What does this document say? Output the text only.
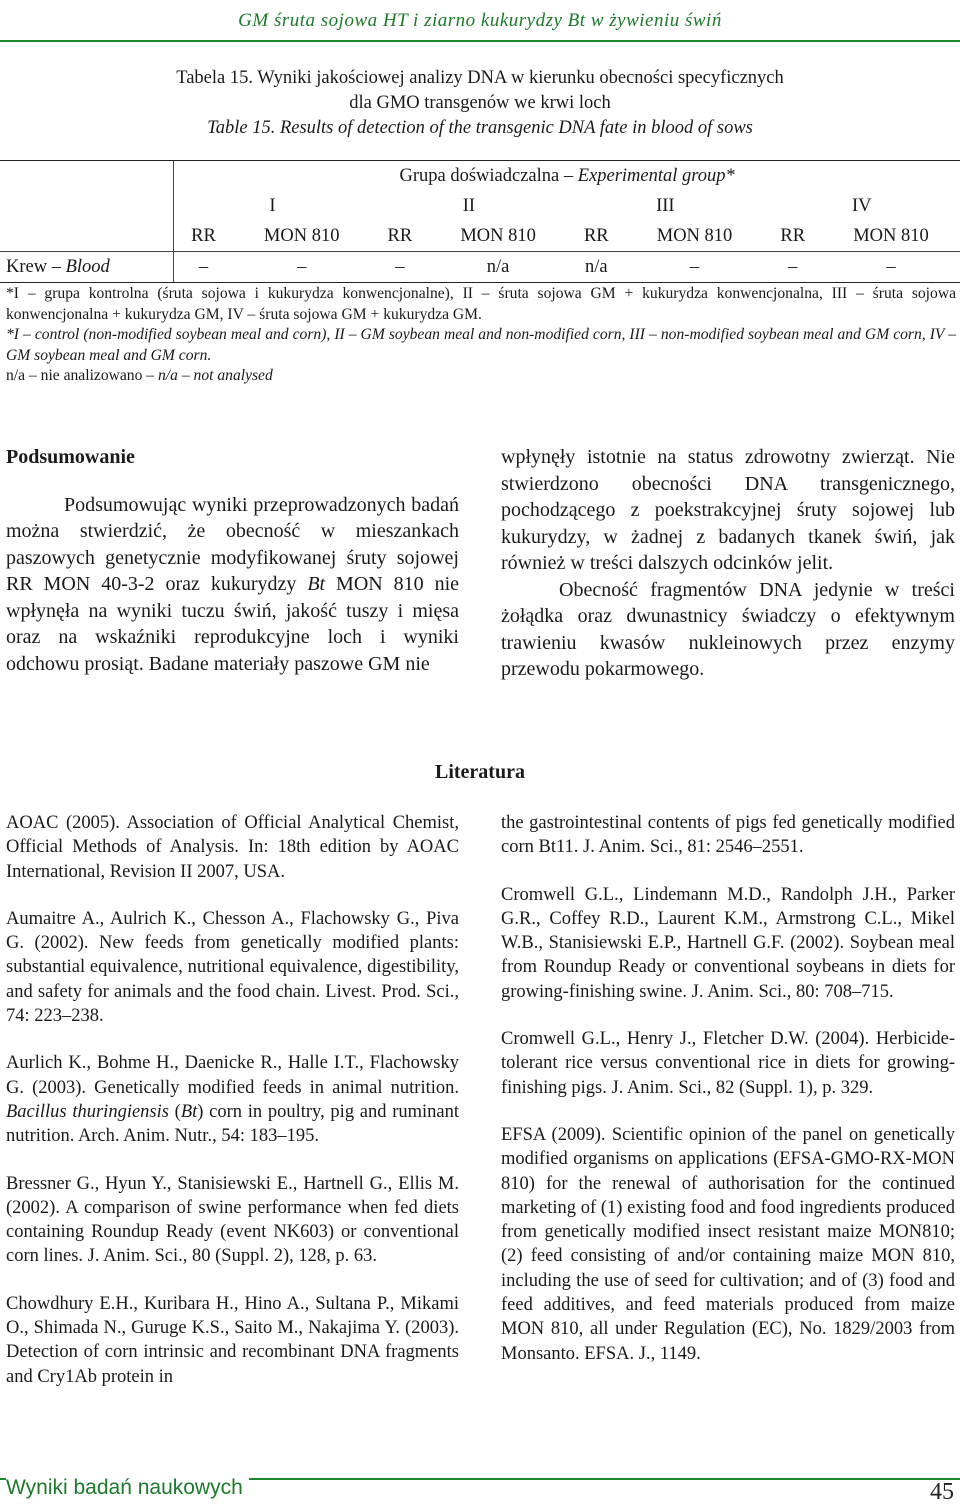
GM śruta sojowa HT i ziarno kukurydzy Bt w żywieniu świń
Tabela 15. Wyniki jakościowej analizy DNA w kierunku obecności specyficznych
dla GMO transgenów we krwi loch
Table 15. Results of detection of the transgenic DNA fate in blood of sows
	Grupa doświadczalna – Experimental group*							
	I		II		III		IV	
	RR	MON 810	RR	MON 810	RR	MON 810	RR	MON 810
Krew – Blood	–	–	–	n/a	n/a	–	–	–

*I – grupa kontrolna (śruta sojowa i kukurydza konwencjonalne), II – śruta sojowa GM + kukurydza konwencjonalna, III – śruta sojowa konwencjonalna + kukurydza GM, IV – śruta sojowa GM + kukurydza GM.

*I – control (non-modified soybean meal and corn), II – GM soybean meal and non-modified corn, III – non-modified soybean meal and GM corn, IV – GM soybean meal and GM corn.

n/a – nie analizowano – n/a – not analysed

Podsumowanie

Podsumowując wyniki przeprowadzonych badań można stwierdzić, że obecność w mieszankach paszowych genetycznie modyfikowanej śruty sojowej RR MON 40-3-2 oraz kukurydzy Bt MON 810 nie wpłynęła na wyniki tuczu świń, jakość tuszy i mięsa oraz na wskaźniki reprodukcyjne loch i wyniki odchowu prosiąt. Badane materiały paszowe GM nie

wpłynęły istotnie na status zdrowotny zwierząt. Nie stwierdzono obecności DNA transgenicznego, pochodzącego z poekstrakcyjnej śruty sojowej lub kukurydzy, w żadnej z badanych tkanek świń, jak również w treści dalszych odcinków jelit.

Obecność fragmentów DNA jedynie w treści żołądka oraz dwunastnicy świadczy o efektywnym trawieniu kwasów nukleinowych przez enzymy przewodu pokarmowego.

Literatura

AOAC (2005). Association of Official Analytical Chemist, Official Methods of Analysis. In: 18th edition by AOAC International, Revision II 2007, USA.

Aumaitre A., Aulrich K., Chesson A., Flachowsky G., Piva G. (2002). New feeds from genetically modified plants: substantial equivalence, nutritional equivalence, digestibility, and safety for animals and the food chain. Livest. Prod. Sci., 74: 223–238.

Aurlich K., Bohme H., Daenicke R., Halle I.T., Flachowsky G. (2003). Genetically modified feeds in animal nutrition. Bacillus thuringiensis (Bt) corn in poultry, pig and ruminant nutrition. Arch. Anim. Nutr., 54: 183–195.

Bressner G., Hyun Y., Stanisiewski E., Hartnell G., Ellis M. (2002). A comparison of swine performance when fed diets containing Roundup Ready (event NK603) or conventional corn lines. J. Anim. Sci., 80 (Suppl. 2), 128, p. 63.

Chowdhury E.H., Kuribara H., Hino A., Sultana P., Mikami O., Shimada N., Guruge K.S., Saito M., Nakajima Y. (2003). Detection of corn intrinsic and recombinant DNA fragments and Cry1Ab protein in

the gastrointestinal contents of pigs fed genetically modified corn Bt11. J. Anim. Sci., 81: 2546–2551.

Cromwell G.L., Lindemann M.D., Randolph J.H., Parker G.R., Coffey R.D., Laurent K.M., Armstrong C.L., Mikel W.B., Stanisiewski E.P., Hartnell G.F. (2002). Soybean meal from Roundup Ready or conventional soybeans in diets for growing-finishing swine. J. Anim. Sci., 80: 708–715.

Cromwell G.L., Henry J., Fletcher D.W. (2004). Herbicide-tolerant rice versus conventional rice in diets for growing-finishing pigs. J. Anim. Sci., 82 (Suppl. 1), p. 329.

EFSA (2009). Scientific opinion of the panel on genetically modified organisms on applications (EFSA-GMO-RX-MON 810) for the renewal of authorisation for the continued marketing of (1) existing food and food ingredients produced from genetically modified insect resistant maize MON810; (2) feed consisting of and/or containing maize MON 810, including the use of seed for cultivation; and of (3) food and feed additives, and feed materials produced from maize MON 810, all under Regulation (EC), No. 1829/2003 from Monsanto. EFSA. J., 1149.

Wyniki badań naukowych	45
